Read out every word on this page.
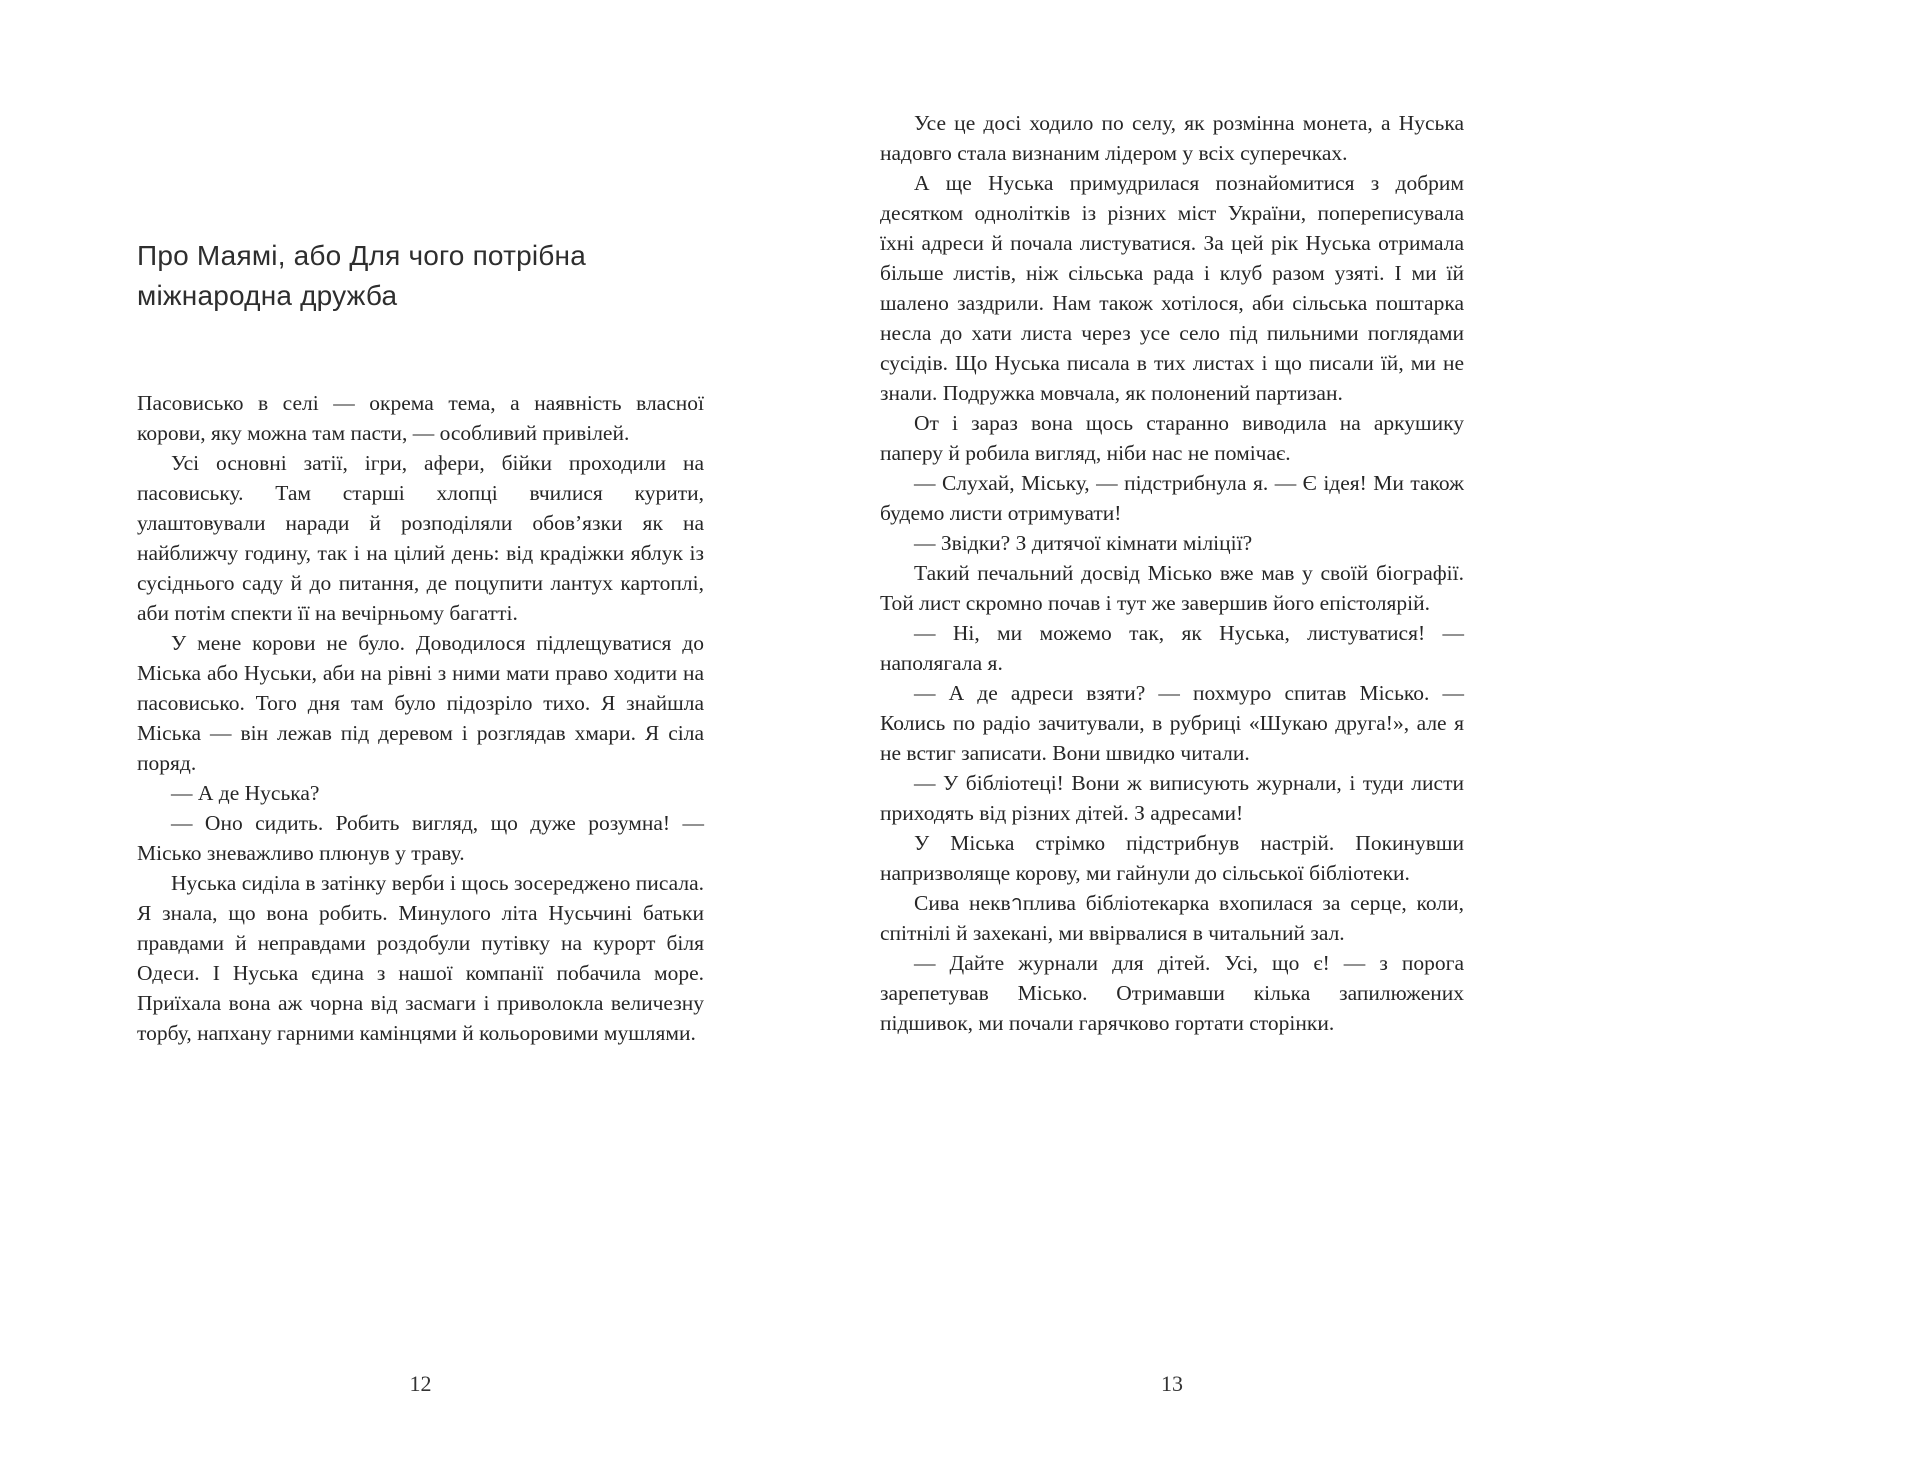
Про Маямі, або Для чого потрібна міжнародна дружба

Пасовисько в селі — окрема тема, а наявність власної корови, яку можна там пасти, — особливий привілей.

Усі основні затії, ігри, афери, бійки проходили на пасовиську. Там старші хлопці вчилися курити, улаштовували наради й розподіляли обов’язки як на найближчу годину, так і на цілий день: від крадіжки яблук із сусіднього саду й до питання, де поцупити лантух картоплі, аби потім спекти її на вечірньому багатті.

У мене корови не було. Доводилося підлещуватися до Міська або Нуськи, аби на рівні з ними мати право ходити на пасовисько. Того дня там було підозріло тихо. Я знайшла Міська — він лежав під деревом і розглядав хмари. Я сіла поряд.

— А де Нуська?

— Оно сидить. Робить вигляд, що дуже розумна! — Місько зневажливо плюнув у траву.

Нуська сиділа в затінку верби і щось зосереджено писала. Я знала, що вона робить. Минулого літа Нусьчині батьки правдами й неправдами роздобули путівку на курорт біля Одеси. І Нуська єдина з нашої компанії побачила море. Приїхала вона аж чорна від засмаги і приволокла величезну торбу, напхану гарними камінцями й кольоровими мушлями.

12

Усе це досі ходило по селу, як розмінна монета, а Нуська надовго стала визнаним лідером у всіх суперечках.

А ще Нуська примудрилася познайомитися з добрим десятком однолітків із різних міст України, попереписувала їхні адреси й почала листуватися. За цей рік Нуська отримала більше листів, ніж сільська рада і клуб разом узяті. І ми їй шалено заздрили. Нам також хотілося, аби сільська поштарка несла до хати листа через усе село під пильними поглядами сусідів. Що Нуська писала в тих листах і що писали їй, ми не знали. Подружка мовчала, як полонений партизан.

От і зараз вона щось старанно виводила на аркушику паперу й робила вигляд, ніби нас не помічає.

— Слухай, Міську, — підстрибнула я. — Є ідея! Ми також будемо листи отримувати!

— Звідки? З дитячої кімнати міліції?

Такий печальний досвід Місько вже мав у своїй біографії. Той лист скромно почав і тут же завершив його епістолярій.

— Ні, ми можемо так, як Нуська, листуватися! — наполягала я.

— А де адреси взяти? — похмуро спитав Місько. — Колись по радіо зачитували, в рубриці «Шукаю друга!», але я не встиг записати. Вони швидко читали.

— У бібліотеці! Вони ж виписують журнали, і туди листи приходять від різних дітей. З адресами!

У Міська стрімко підстрибнув настрій. Покинувши напризволяще корову, ми гайнули до сільської бібліотеки.

Сива неквาплива бібліотекарка вхопилася за серце, коли, спітнілі й захекані, ми ввірвалися в читальний зал.

— Дайте журнали для дітей. Усі, що є! — з порога зарепетував Місько. Отримавши кілька запилюжених підшивок, ми почали гарячково гортати сторінки.

13
